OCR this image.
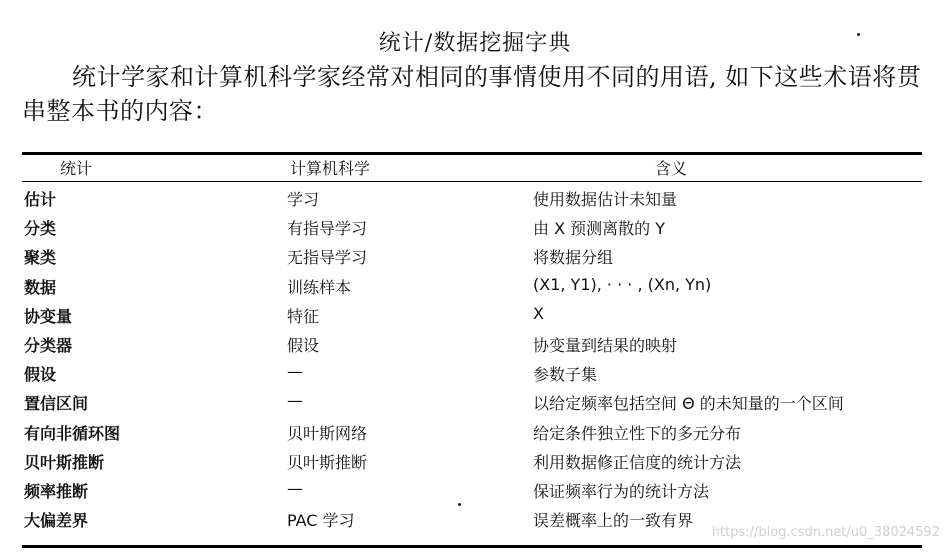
统计/数据挖掘字典
统计学家和计算机科学家经常对相同的事情使用不同的用语, 如下这些术语将贯串整本书的内容：
统计	计算机科学	含义
估计	学习	使用数据估计未知量
分类	有指导学习	由 X 预测离散的 Y
聚类	无指导学习	将数据分组
数据	训练样本	(X1, Y1), · · · , (Xn, Yn)
协变量	特征	X
分类器	假设	协变量到结果的映射
假设	—	参数子集
置信区间	—	以给定频率包括空间 Θ 的未知量的一个区间
有向非循环图	贝叶斯网络	给定条件独立性下的多元分布
贝叶斯推断	贝叶斯推断	利用数据修正信度的统计方法
频率推断	—	保证频率行为的统计方法
大偏差界	PAC 学习	误差概率上的一致有界
https://blog.csdn.net/u0_38024592
